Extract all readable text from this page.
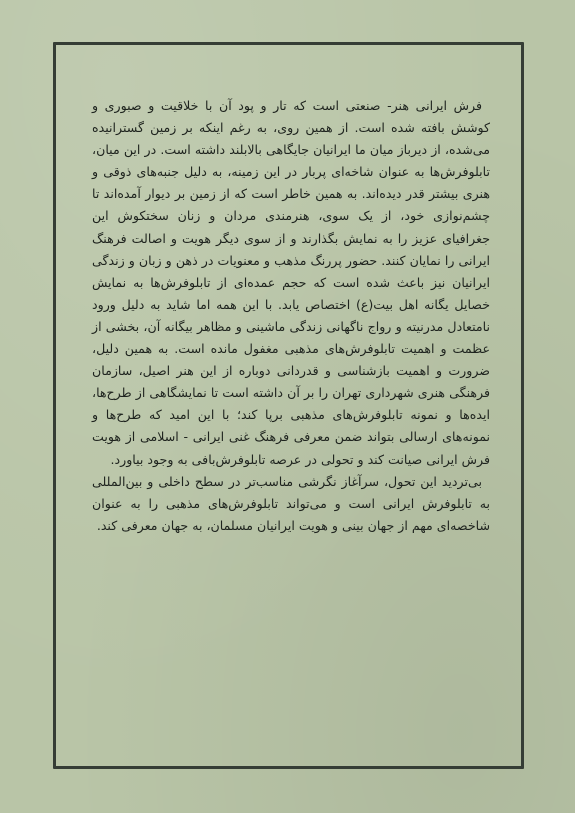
فرش ایرانی هنر- صنعتی است که تار و پود آن با خلاقیت و صبوری و کوشش بافته شده است. از همین روی، به رغم اینکه بر زمین گسترانیده می‌شده، از دیرباز میان ما ایرانیان جایگاهی بالابلند داشته است. در این میان، تابلوفرش‌ها به عنوان شاخه‌ای پربار در این زمینه، به دلیل جنبه‌های ذوقی و هنری بیشتر قدر دیده‌اند. به همین خاطر است که از زمین بر دیوار آمده‌اند تا چشم‌نوازی خود، از یک سوی، هنرمندی مردان و زنان سختکوش این جغرافیای عزیز را به نمایش بگذارند و از سوی دیگر هویت و اصالت فرهنگ ایرانی را نمایان کنند. حضور پررنگ مذهب و معنویات در ذهن و زبان و زندگی ایرانیان نیز باعث شده است که حجم عمده‌ای از تابلوفرش‌ها به نمایش خصایل یگانه اهل بیت(ع) اختصاص یابد. با این همه اما شاید به دلیل ورود نامتعادل مدرنیته و رواج ناگهانی زندگی ماشینی و مظاهر بیگانه آن، بخشی از عظمت و اهمیت تابلوفرش‌های مذهبی مغفول مانده است. به همین دلیل، ضرورت و اهمیت بازشناسی و قدردانی دوباره از این هنر اصیل، سازمان فرهنگی هنری شهرداری تهران را بر آن داشته است تا نمایشگاهی از طرح‌ها، ایده‌ها و نمونه تابلوفرش‌های مذهبی برپا کند؛ با این امید که طرح‌ها و نمونه‌های ارسالی بتواند ضمن معرفی فرهنگ غنی ایرانی - اسلامی از هویت فرش ایرانی صیانت کند و تحولی در عرصه تابلوفرش‌بافی به وجود بیاورد.

بی‌تردید این تحول، سرآغاز نگرشی مناسب‌تر در سطح داخلی و بین‌المللی به تابلوفرش ایرانی است و می‌تواند تابلوفرش‌های مذهبی را به عنوان شاخصه‌ای مهم از جهان بینی و هویت ایرانیان مسلمان، به جهان معرفی کند.
